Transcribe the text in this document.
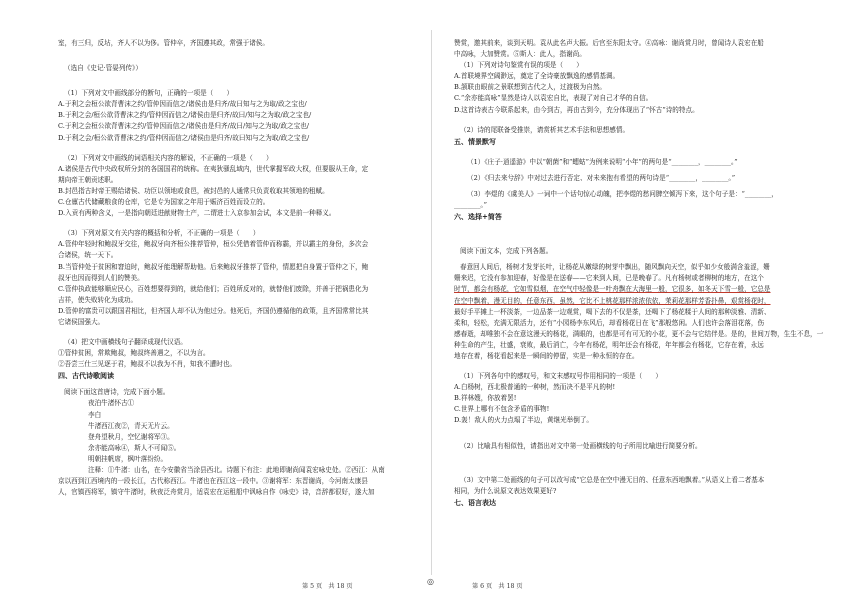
室，有三归，反坫，齐人不以为侈。管仲卒，齐国遵其政，常强于诸侯。
（选自《史记·管晏列传》）
（1）下列对文中画线部分的断句，正确的一项是（　　）
A.于利之会桓公欲背曹沫之约/管仲因而信之/诸侯由是归齐/故曰知与之为取/政之宝也/
B.于利之会/桓公欲背曹沫之约/管仲因而信之/诸侯由是归齐/故曰/知与之为取/政之宝也/
C.于利之会桓公欲背曹沫之约/管仲因而信之/诸侯由是归齐/故曰/知与之为取/政之宝也/
D.于利之会/桓公欲背曹沫之约/管仲因而信之/诸侯由是归齐/故曰知与之为取/政之宝也/
（2）下列对文中画线的词语相关内容的解说，不正确的一项是（　　）
A.诸侯是古代中央政权所分封的各国国君的统称。在夷狄骚乱域内，世代掌握军政大权，但要服从王命，定
期向帝王朝贡述职。
B.封邑指古时帝王赐给诸侯、功臣以领地或食邑，被封邑的人通常只负责收取其领地的租赋。
C.仓廪古代储藏粮食的仓库，它是专为国家之年用于赈济百姓而设立的。
D.入贡有两种含义，一是指向朝廷进献财物土产，二谓进士入京参加会试，本文是前一种释义。
（3）下列对原文有关内容的概括和分析，不正确的一项是（　　）
A.管仲年轻时和鲍叔牙交往，鲍叔牙向齐桓公推荐管仲，桓公凭借着管仲而称霸，并以霸主的身份，多次会
合诸侯，统一天下。
B.当管仲处于贫困和窘迫时，鲍叔牙能理解帮助他。后来鲍叔牙推荐了管仲，情愿把自身置于管仲之下，鲍
叔牙也因而得到人们的赞美。
C.管仲执政能够顺应民心，百姓想要得到的，就给他们；百姓所反对的，就替他们废除，并善于把祸患化为
吉祥，使失败转化为成功。
D.管仲的富贵可以跟国君相比，但齐国人却不认为他过分。他死后，齐国仍遵循他的政策，且齐国常常比其
它诸侯国强大。
（4）把文中画横线句子翻译成现代汉语。
①管仲贫困，常欺鲍叔，鲍叔终善遇之，不以为言。
②吾尝三仕三见逐于君，鲍叔不以我为不肖，知我不遭时也。
四、古代诗歌阅读
阅读下面这首唐诗，完成下面小题。
夜泊牛渚怀古①
李白
牛渚西江夜②，青天无片云。
登舟望秋月，空忆谢将军③。
余亦能高咏④，斯人不可闻⑤。
明朝挂帆席，枫叶落纷纷。
注释：①牛渚：山名，在今安徽省当涂县西北。诗题下有注：此地即谢尚闻袁宏咏史处。②西江：从南
京以西到江西境内的一段长江，古代称西江。牛渚也在西江这一段中。③谢将军：东晋谢尚，今河南太康县
人，官镇西将军，镇守牛渚时，秋夜泛舟赏月，适袁宏在运租船中讽咏自作《咏史》诗，音辞都很好，遂大加
赞赏，邀其前来，谈到天明。袁从此名声大振。后官至东阳太守。④高咏：谢尚赏月时，曾闻诗人袁宏在船
中高咏，大加赞赏。⑤斯人：此人，指谢尚。
（1）下列对诗句鉴赏有误的项是（　　）
A.首联境界空阔渺远，奠定了全诗豪放飘逸的感情基调。
B.颔联由眼前之景联想到古代之人，过渡极为自然。
C.“余亦能高咏”显然是诗人以袁宏自比，表现了对自己才华的自信。
D.这首诗表古今联系起来，由今到古，再由古到今，充分体现出了“怀古”诗的特点。
（2）诗的尾联备受推崇，请赏析其艺术手法和思想感情。
五、情景默写
（1）《庄子·逍遥游》中以“朝菌”和“蟪蛄”为例来说明“小年”的两句是“________，________。”
（2）《归去来兮辞》中对过去进行否定、对未来抱有希望的两句诗是“________，________。”
（3）李煜的《虞美人》一词中一个话句惊心动魄，把李煜的愁问脾空倾泻下来，这个句子是：“________，
________。”
六、选择+简答
阅读下面文本，完成下列各题。
春意回人间后，杨树才发芽长叶，让杨花从嫩绿的树芽中飘出，随风飘向天空，似乎如少女般满含羞涩，姗
姗来迟，它没有参加迎春，好像是在送春——它来到人间，已是晚春了。凡有杨树或者柳树的地方，在这个
时节，都会有杨花，它如雪似烟，在空气中轻像是一叶舟飘在大海里一般，它很多，如冬天下雪一般，它总是
在空中飘着，漫无目的，任意东西，虽然，它比不上桃花那样浓浓依依，茉莉花那样芳香扑鼻，艰赏杨花时，
最好手平摊上一杯淡茶，一边品茶一边观赏，喝下去的不仅是茶，还喝下了杨花糅于人间的那种淡雅、清新、
柔和，轻松，充满无限活力，还有“小园杨李东风后，却看杨花日在飞”那般悠闲。人们也许会落泪花落，伤
感春逝，却唯独不会在意这漫天的杨花，满眼的，也都是可有可无的小花，更不会与它结伴是。是的，世间万物，生生不息，一
种生命的产生，壮盛，衰败，最后消亡，今年有杨花，明年还会有杨花，年年都会有杨花，它存在着，永远
地存在着，杨花看起来是一瞬间的停留，实是一种永恒的存在。
（1）下列各句中的感叹号，和文末感叹号作用相同的一项是（　　）
A.白杨树，西北极普通的一种树，然而决不是平凡的树!
B.祥林嫂，你放着罢!
C.世界上哪有不包含矛盾的事物!
D.轰！敌人的火力点塌了半边，黄继光举倒了。
（2）比喻具有相似性，请指出对文中第一处画横线的句子所用比喻进行简要分析。
（3）文中第二处画线的句子可以改写成“它总是在空中漫无目的、任意东西地飘着。”从语义上看二者基本
相同，为什么说原文表达效果更好?
七、语言表达
第 5 页　共 18 页
◎
第 6 页　共 18 页
